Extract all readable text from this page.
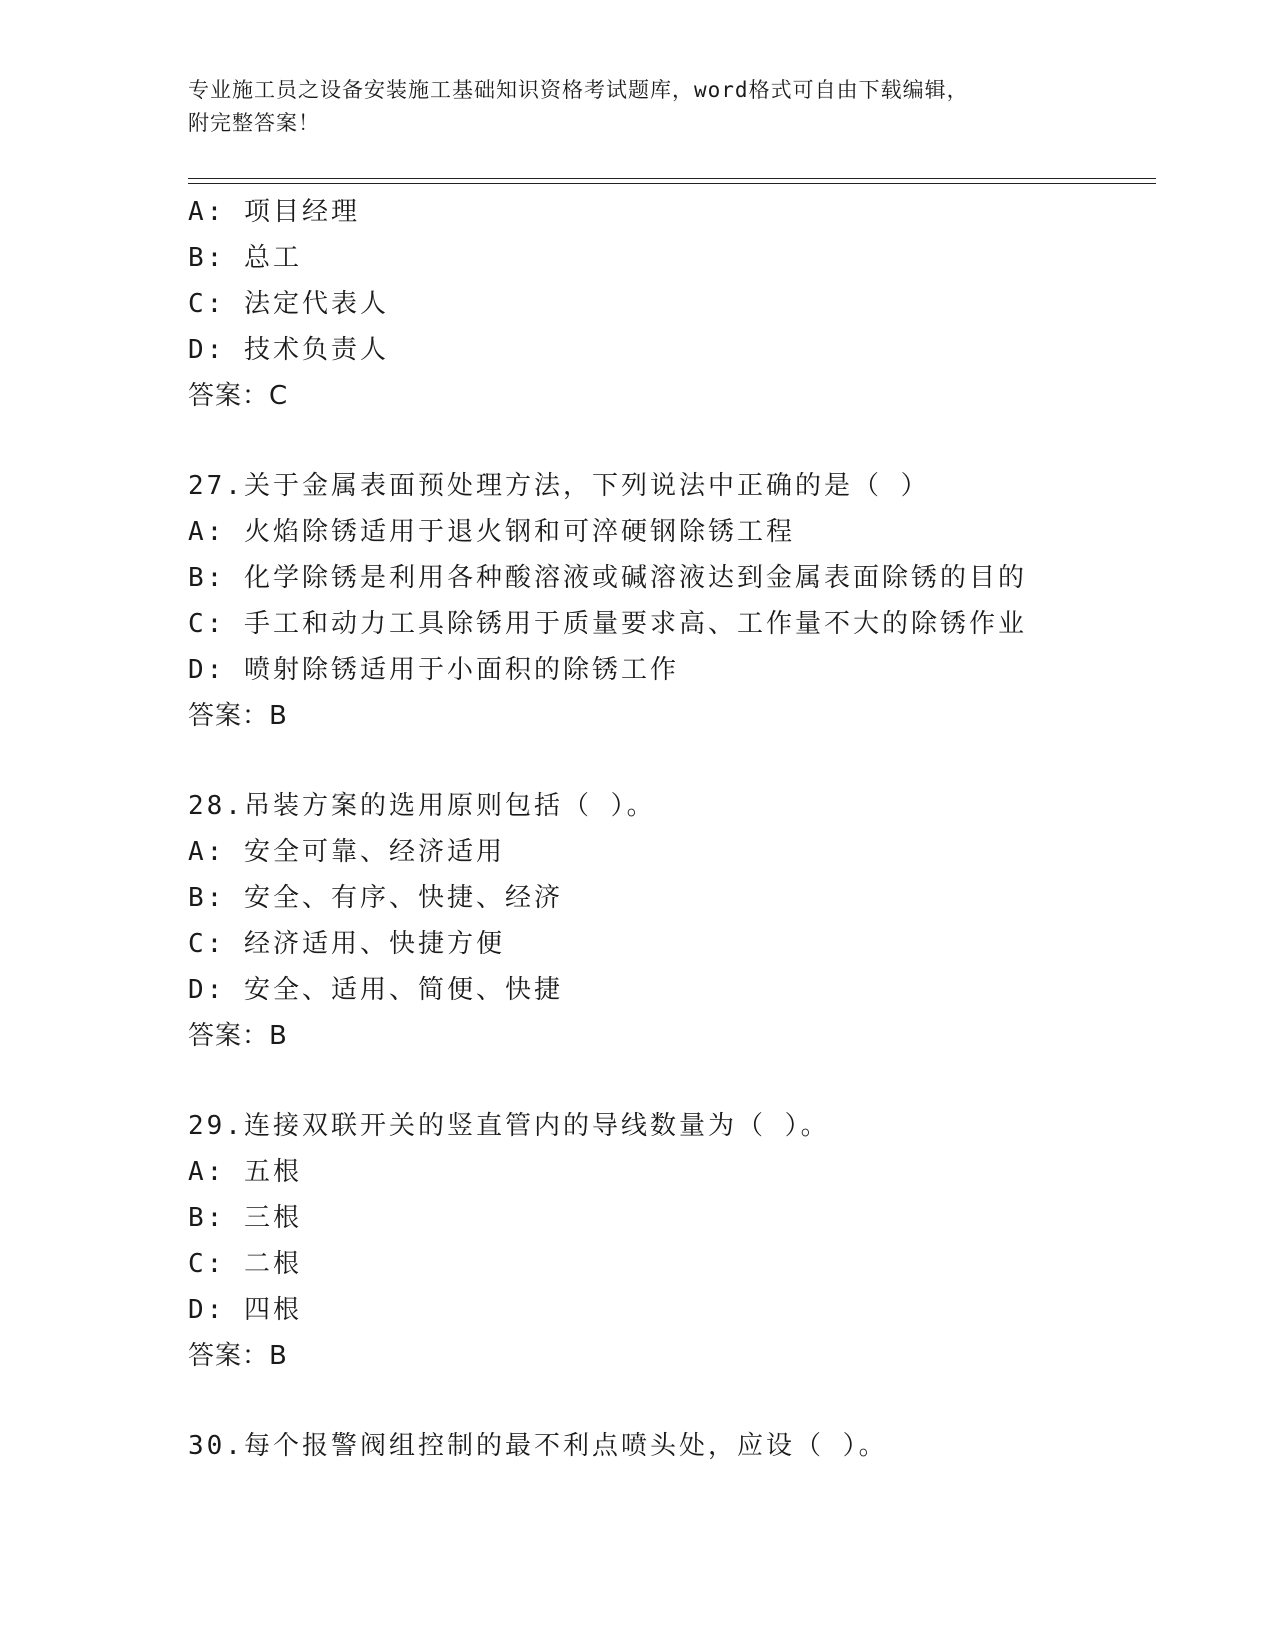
专业施工员之设备安装施工基础知识资格考试题库，word格式可自由下载编辑，
附完整答案！
A: 项目经理
B: 总工
C: 法定代表人
D: 技术负责人
答案：C
27.关于金属表面预处理方法，下列说法中正确的是（ ）
A: 火焰除锈适用于退火钢和可淬硬钢除锈工程
B: 化学除锈是利用各种酸溶液或碱溶液达到金属表面除锈的目的
C: 手工和动力工具除锈用于质量要求高、工作量不大的除锈作业
D: 喷射除锈适用于小面积的除锈工作
答案：B
28.吊装方案的选用原则包括（ ）。
A: 安全可靠、经济适用
B: 安全、有序、快捷、经济
C: 经济适用、快捷方便
D: 安全、适用、简便、快捷
答案：B
29.连接双联开关的竖直管内的导线数量为（ ）。
A: 五根
B: 三根
C: 二根
D: 四根
答案：B
30.每个报警阀组控制的最不利点喷头处，应设（ ）。
